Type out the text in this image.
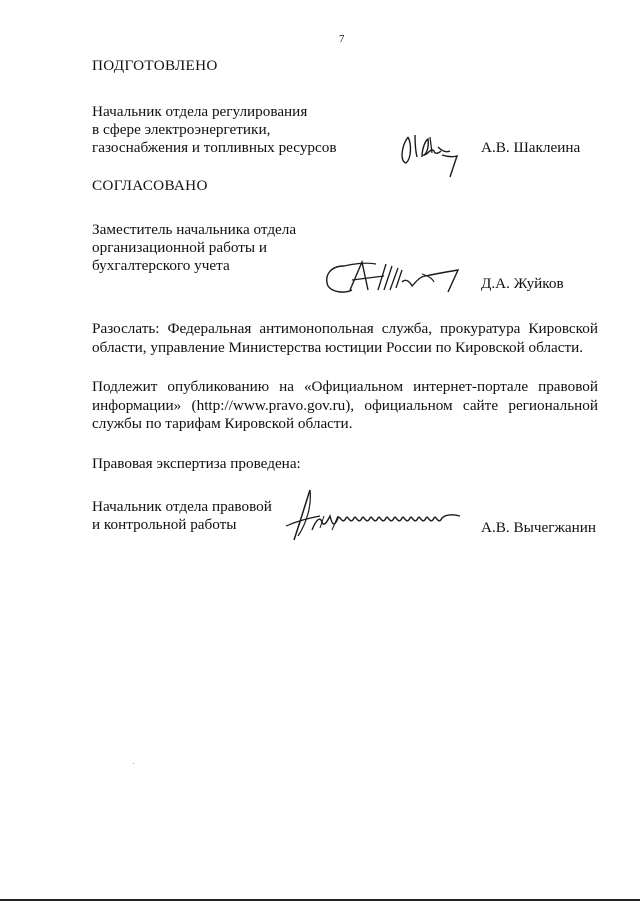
7
ПОДГОТОВЛЕНО
Начальник отдела регулирования
в сфере электроэнергетики,
газоснабжения и топливных ресурсов	А.В. Шаклеина
СОГЛАСОВАНО
Заместитель начальника отдела
организационной работы и
бухгалтерского учета
Д.А. Жуйков
Разослать: Федеральная антимонопольная служба, прокуратура Кировской
области, управление Министерства юстиции России по Кировской области.
Подлежит опубликованию на «Официальном интернет-портале правовой
информации» (http://www.pravo.gov.ru), официальном сайте региональной
службы по тарифам Кировской области.
Правовая экспертиза проведена:
Начальник отдела правовой
и контрольной работы	А.В. Вычегжанин
